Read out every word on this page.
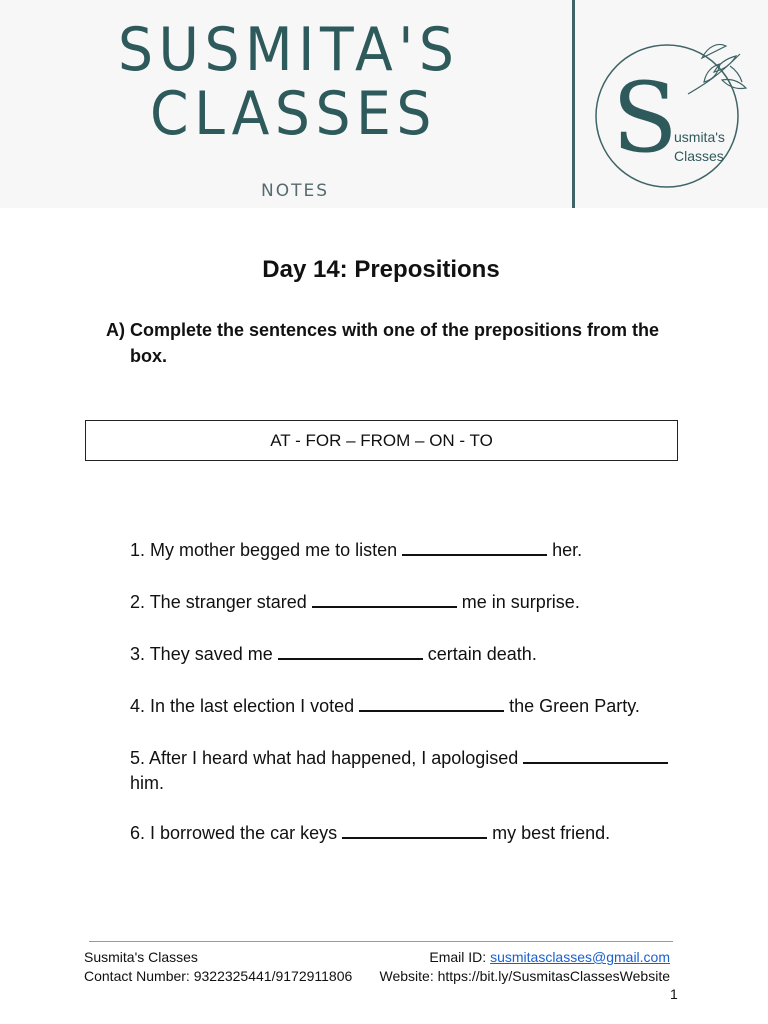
SUSMITA'S
CLASSES
NOTES
S
usmita's
Classes
Day 14: Prepositions
A) Complete the sentences with one of the prepositions from the box.
AT - FOR – FROM – ON - TO
1. My mother begged me to listen	her.
2. The stranger stared	me in surprise.
3. They saved me	certain death.
4. In the last election I voted	the Green Party.
5. After I heard what had happened, I apologised  him.
6. I borrowed the car keys	my best friend.
Susmita's Classes
Contact Number: 9322325441/9172911806
Email ID: susmitasclasses@gmail.com
Website: https://bit.ly/SusmitasClassesWebsite
1
